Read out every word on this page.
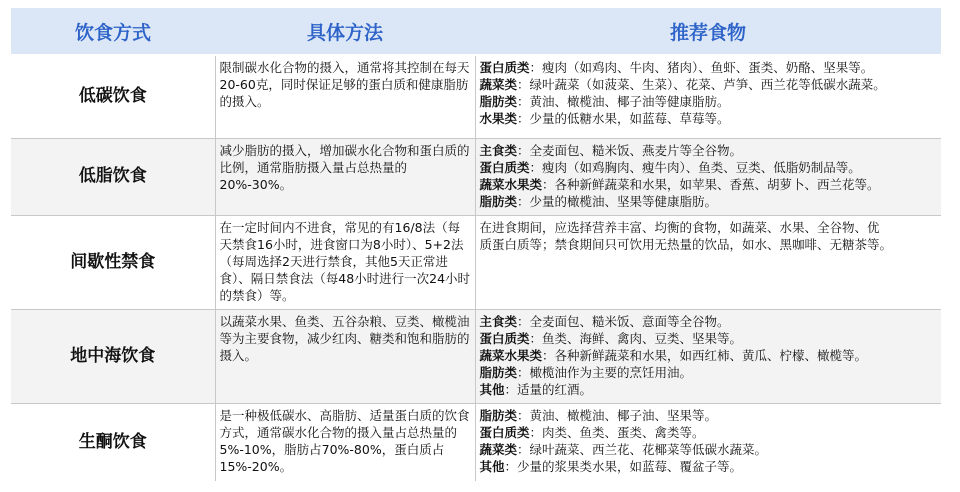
饮食方式	具体方法	推荐食物
低碳饮食	限制碳水化合物的摄入，通常将其控制在每天20-60克，同时保证足够的蛋白质和健康脂肪的摄入。	蛋白质类：瘦肉（如鸡肉、牛肉、猪肉）、鱼虾、蛋类、奶酪、坚果等。
蔬菜类：绿叶蔬菜（如菠菜、生菜）、花菜、芦笋、西兰花等低碳水蔬菜。
脂肪类：黄油、橄榄油、椰子油等健康脂肪。
水果类：少量的低糖水果，如蓝莓、草莓等。

低脂饮食	减少脂肪的摄入，增加碳水化合物和蛋白质的比例，通常脂肪摄入量占总热量的20%-30%。	主食类：全麦面包、糙米饭、燕麦片等全谷物。
蛋白质类：瘦肉（如鸡胸肉、瘦牛肉）、鱼类、豆类、低脂奶制品等。
蔬菜水果类：各种新鲜蔬菜和水果，如苹果、香蕉、胡萝卜、西兰花等。
脂肪类：少量的橄榄油、坚果等健康脂肪。

间歇性禁食	在一定时间内不进食，常见的有16/8法（每天禁食16小时，进食窗口为8小时）、5+2法（每周选择2天进行禁食，其他5天正常进食）、隔日禁食法（每48小时进行一次24小时的禁食）等。	在进食期间，应选择营养丰富、均衡的食物，如蔬菜、水果、全谷物、优
质蛋白质等；禁食期间只可饮用无热量的饮品，如水、黑咖啡、无糖茶等。

地中海饮食	以蔬菜水果、鱼类、五谷杂粮、豆类、橄榄油等为主要食物，减少红肉、糖类和饱和脂肪的摄入。	主食类：全麦面包、糙米饭、意面等全谷物。
蛋白质类：鱼类、海鲜、禽肉、豆类、坚果等。
蔬菜水果类：各种新鲜蔬菜和水果，如西红柿、黄瓜、柠檬、橄榄等。
脂肪类：橄榄油作为主要的烹饪用油。
其他：适量的红酒。

生酮饮食	是一种极低碳水、高脂肪、适量蛋白质的饮食方式，通常碳水化合物的摄入量占总热量的5%-10%，脂肪占70%-80%，蛋白质占15%-20%。	脂肪类：黄油、橄榄油、椰子油、坚果等。
蛋白质类：肉类、鱼类、蛋类、禽类等。
蔬菜类：绿叶蔬菜、西兰花、花椰菜等低碳水蔬菜。
其他：少量的浆果类水果，如蓝莓、覆盆子等。
